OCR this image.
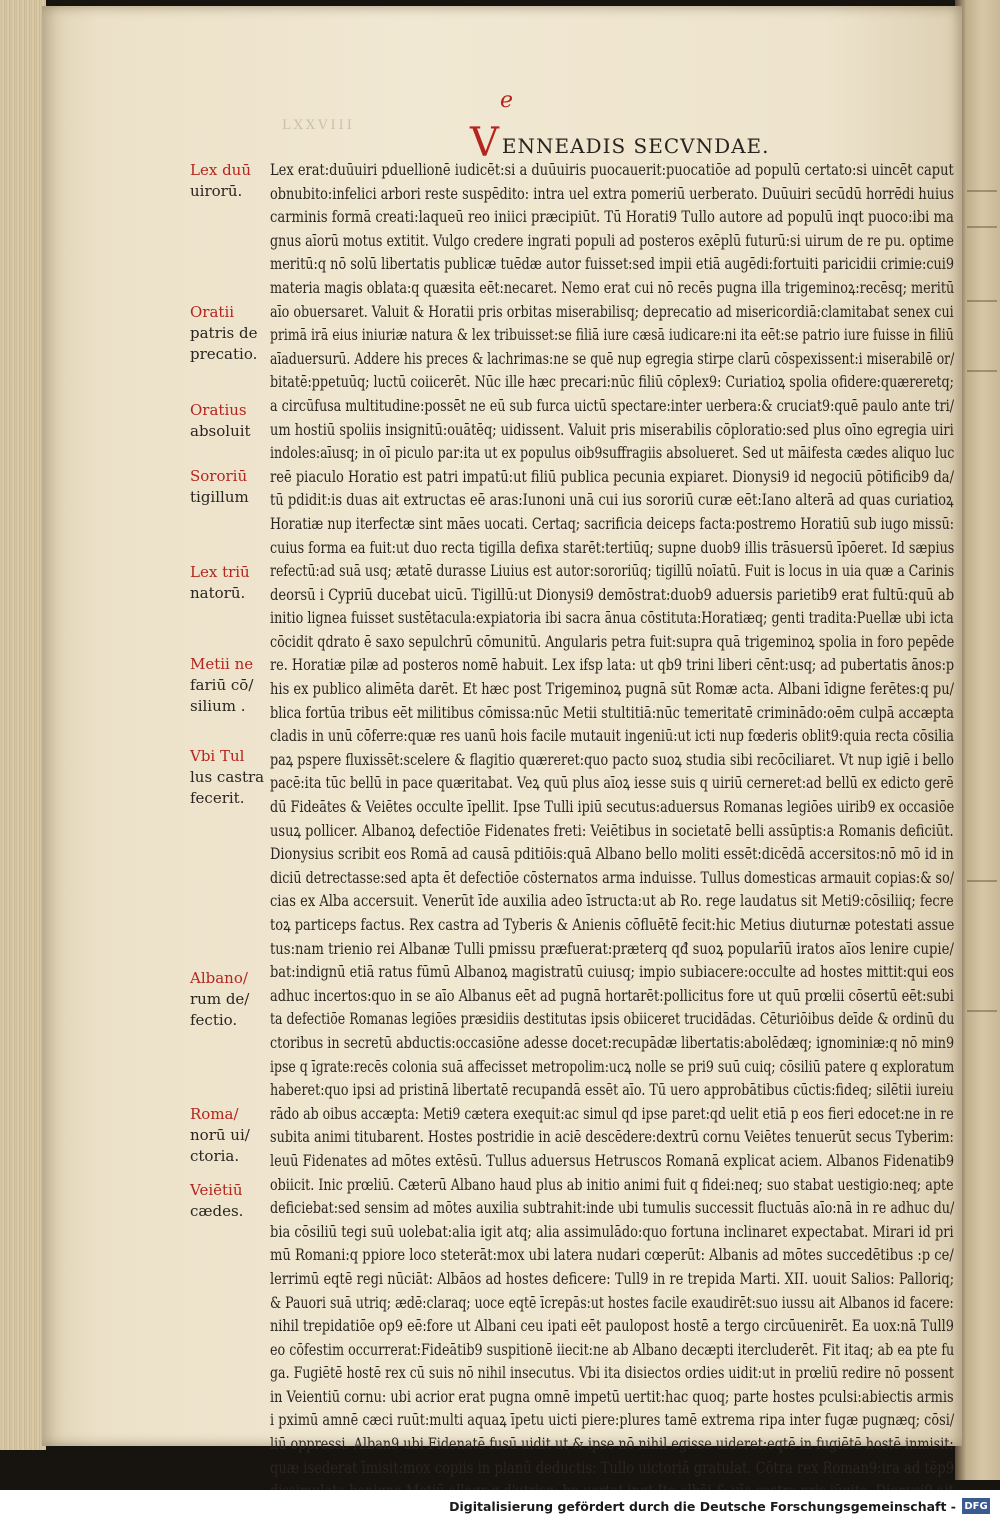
LXXVIII
ℯ
V ENNEADIS SECVNDAE.
Lex duū
uirorū.
Oratii
patris de
precatio.
Oratius
absoluit
Sororiū
tigillum
Lex triū
natorū.
Metii ne
fariū cō/
silium .
Vbi Tul
lus castra
fecerit.
Albano/
rum de/
fectio.
Roma/
norū ui/
ctoria.
Veiētiū
cædes.
Lex erat:duūuiri pduellionē iudicēt:si a duūuiris puocauerit:puocatiōe ad populū certato:si uincēt caput
obnubito:infelici arbori reste suspēdito: intra uel extra pomeriū uerberato. Duūuiri secūdū horrēdi huius
carminis formā creati:laqueū reo iniici præcipiūt. Tū Horati9 Tullo autore ad populū inqt puoco:ibi ma
gnus aīorū motus extitit. Vulgo credere ingrati populi ad posteros exēplū futurū:si uirum de re pu. optime
meritū:q nō solū libertatis publicæ tuēdæ autor fuisset:sed impii etiā augēdi:fortuiti paricidii crimie:cui9
materia magis oblata:q quæsita eēt:necaret. Nemo erat cui nō recēs pugna illa trigeminoꝝ:recēsq; meritū
aīo obuersaret. Valuit & Horatii pris orbitas miserabilisq; deprecatio ad misericordiā:clamitabat senex cui
primā irā eius iniuriæ natura & lex tribuisset:se filiā iure cæsā iudicare:ni ita eēt:se patrio iure fuisse in filiū
aīaduersurū. Addere his preces & lachrimas:ne se quē nup egregia stirpe clarū cōspexissent:i miserabilē or/
bitatē:ppetuūq; luctū coiicerēt. Nūc ille hæc precari:nūc filiū cōplex9: Curiatioꝝ spolia ofidere:quæreretq;
a circūfusa multitudine:possēt ne eū sub furca uictū spectare:inter uerbera:& cruciat9:quē paulo ante tri/
um hostiū spoliis insignitū:ouātēq; uidissent. Valuit pris miserabilis cōploratio:sed plus oīno egregia uiri
indoles:aīusq; in oī piculo par:ita ut ex populus oib9suffragiis absolueret. Sed ut māifesta cædes aliquo luc
reē piaculo Horatio est patri impatū:ut filiū publica pecunia expiaret. Dionysi9 id negociū pōtificib9 da/
tū pdidit:is duas ait extructas eē aras:Iunoni unā cui ius sororiū curæ eēt:Iano alterā ad quas curiatioꝝ
Horatiæ nup iterfectæ sint māes uocati. Certaq; sacrificia deiceps facta:postremo Horatiū sub iugo missū:
cuius forma ea fuit:ut duo recta tigilla defixa starēt:tertiūq; supne duob9 illis trāsuersū īpōeret. Id sæpius
refectū:ad suā usq; ætatē durasse Liuius est autor:sororiūq; tigillū noīatū. Fuit is locus in uia quæ a Carinis
deorsū i Cypriū ducebat uicū. Tigillū:ut Dionysi9 demōstrat:duob9 aduersis parietib9 erat fultū:quū ab
initio lignea fuisset sustētacula:expiatoria ibi sacra ānua cōstituta:Horatiæq; genti tradita:Puellæ ubi icta
cōcidit qdrato ē saxo sepulchrū cōmunitū. Angularis petra fuit:supra quā trigeminoꝝ spolia in foro pepēde
re. Horatiæ pilæ ad posteros nomē habuit. Lex ifsp lata: ut qb9 trini liberi cēnt:usq; ad pubertatis ānos:p
his ex publico alimēta darēt. Et hæc post Trigeminoꝝ pugnā sūt Romæ acta. Albani īdigne ferētes:q pu/
blica fortūa tribus eēt militibus cōmissa:nūc Metii stultitiā:nūc temeritatē criminādo:oēm culpā accæpta
cladis in unū cōferre:quæ res uanū hois facile mutauit ingeniū:ut icti nup fœderis oblit9:quia recta cōsilia
paꝝ pspere fluxissēt:scelere & flagitio quæreret:quo pacto suoꝝ studia sibi recōciliaret. Vt nup igiē i bello
pacē:ita tūc bellū in pace quæritabat. Veꝝ quū plus aīoꝝ iesse suis q uiriū cerneret:ad bellū ex edicto gerē
dū Fideātes & Veiētes occulte īpellit. Ipse Tulli ipiū secutus:aduersus Romanas legiōes uirib9 ex occasiōe
usuꝝ pollicer. Albanoꝝ defectiōe Fidenates freti: Veiētibus in societatē belli assūptis:a Romanis deficiūt.
Dionysius scribit eos Romā ad causā pditiōis:quā Albano bello moliti essēt:dicēdā accersitos:nō mō id in
diciū detrectasse:sed apta ēt defectiōe cōsternatos arma induisse. Tullus domesticas armauit copias:& so/
cias ex Alba accersuit. Venerūt īde auxilia adeo īstructa:ut ab Ro. rege laudatus sit Meti9:cōsiliiq; fecre
toꝝ particeps factus. Rex castra ad Tyberis & Anienis cōfluētē fecit:hic Metius diuturnæ potestati assue
tus:nam trienio rei Albanæ Tulli pmissu præfuerat:præterq qđ suoꝝ popularīū iratos aīos lenire cupie/
bat:indignū etiā ratus fūmū Albanoꝝ magistratū cuiusq; impio subiacere:occulte ad hostes mittit:qui eos
adhuc incertos:quo in se aīo Albanus eēt ad pugnā hortarēt:pollicitus fore ut quū prœlii cōsertū eēt:subi
ta defectiōe Romanas legiōes præsidiis destitutas ipsis obiiceret trucidādas. Cēturiōibus deīde & ordinū du
ctoribus in secretū abductis:occasiōne adesse docet:recupādæ libertatis:abolēdæq; ignominiæ:q nō min9
ipse q īgrate:recēs colonia suā affecisset metropolim:ucꝝ nolle se pri9 suū cuiq; cōsiliū patere q exploratum
haberet:quo ipsi ad pristinā libertatē recupandā essēt aīo. Tū uero approbātibus cūctis:fideq; silētii iureiu
rādo ab oibus accæpta: Meti9 cætera exequit:ac simul qd ipse paret:qd uelit etiā p eos fieri edocet:ne in re
subita animi titubarent. Hostes postridie in aciē descēdere:dextrū cornu Veiētes tenuerūt secus Tyberim:
leuū Fidenates ad mōtes extēsū. Tullus aduersus Hetruscos Romanā explicat aciem. Albanos Fidenatib9
obiicit. Inic prœliū. Cæterū Albano haud plus ab initio animi fuit q fidei:neq; suo stabat uestigio:neq; apte
deficiebat:sed sensim ad mōtes auxilia subtrahit:inde ubi tumulis successit fluctuās aīo:nā in re adhuc du/
bia cōsiliū tegi suū uolebat:alia igit atq; alia assimulādo:quo fortuna inclinaret expectabat. Mirari id pri
mū Romani:q ppiore loco steterāt:mox ubi latera nudari cœperūt: Albanis ad mōtes succedētibus :p ce/
lerrimū eqtē regi nūciāt: Albāos ad hostes deficere: Tull9 in re trepida Marti. XII. uouit Salios: Palloriq;
& Pauori suā utriq; ædē:claraq; uoce eqtē īcrepās:ut hostes facile exaudirēt:suo iussu ait Albanos id facere:
nihil trepidatiōe op9 eē:fore ut Albani ceu ipati eēt paulopost hostē a tergo circūuenirēt. Ea uox:nā Tull9
eo cōfestim occurrerat:Fideātib9 suspitionē iiecit:ne ab Albano decæpti itercluderēt. Fit itaq; ab ea pte fu
ga. Fugiētē hostē rex cū suis nō nihil insecutus. Vbi ita disiectos ordies uidit:ut in prœliū redire nō possent
in Veientiū cornu: ubi acrior erat pugna omnē impetū uertit:hac quoq; parte hostes pculsi:abiectis armis
i pximū amnē cæci ruūt:multi aquaꝝ īpetu uicti piere:plures tamē extrema ripa inter fugæ pugnæq; cōsi/
liū oppressi. Alban9 ubi Fidenatē fusū uidit ut & ipse nō nihil egisse uideret:eqtē in fugiētē hostē inmisit:
quæ isederat īmisit:mox copiis in planū deductis: Tullo uictoriā gratulat. Cōtra rex Roman9:ira ad tēp9
Digitalisierung gefördert durch die Deutsche Forschungsgemeinschaft - DFG
